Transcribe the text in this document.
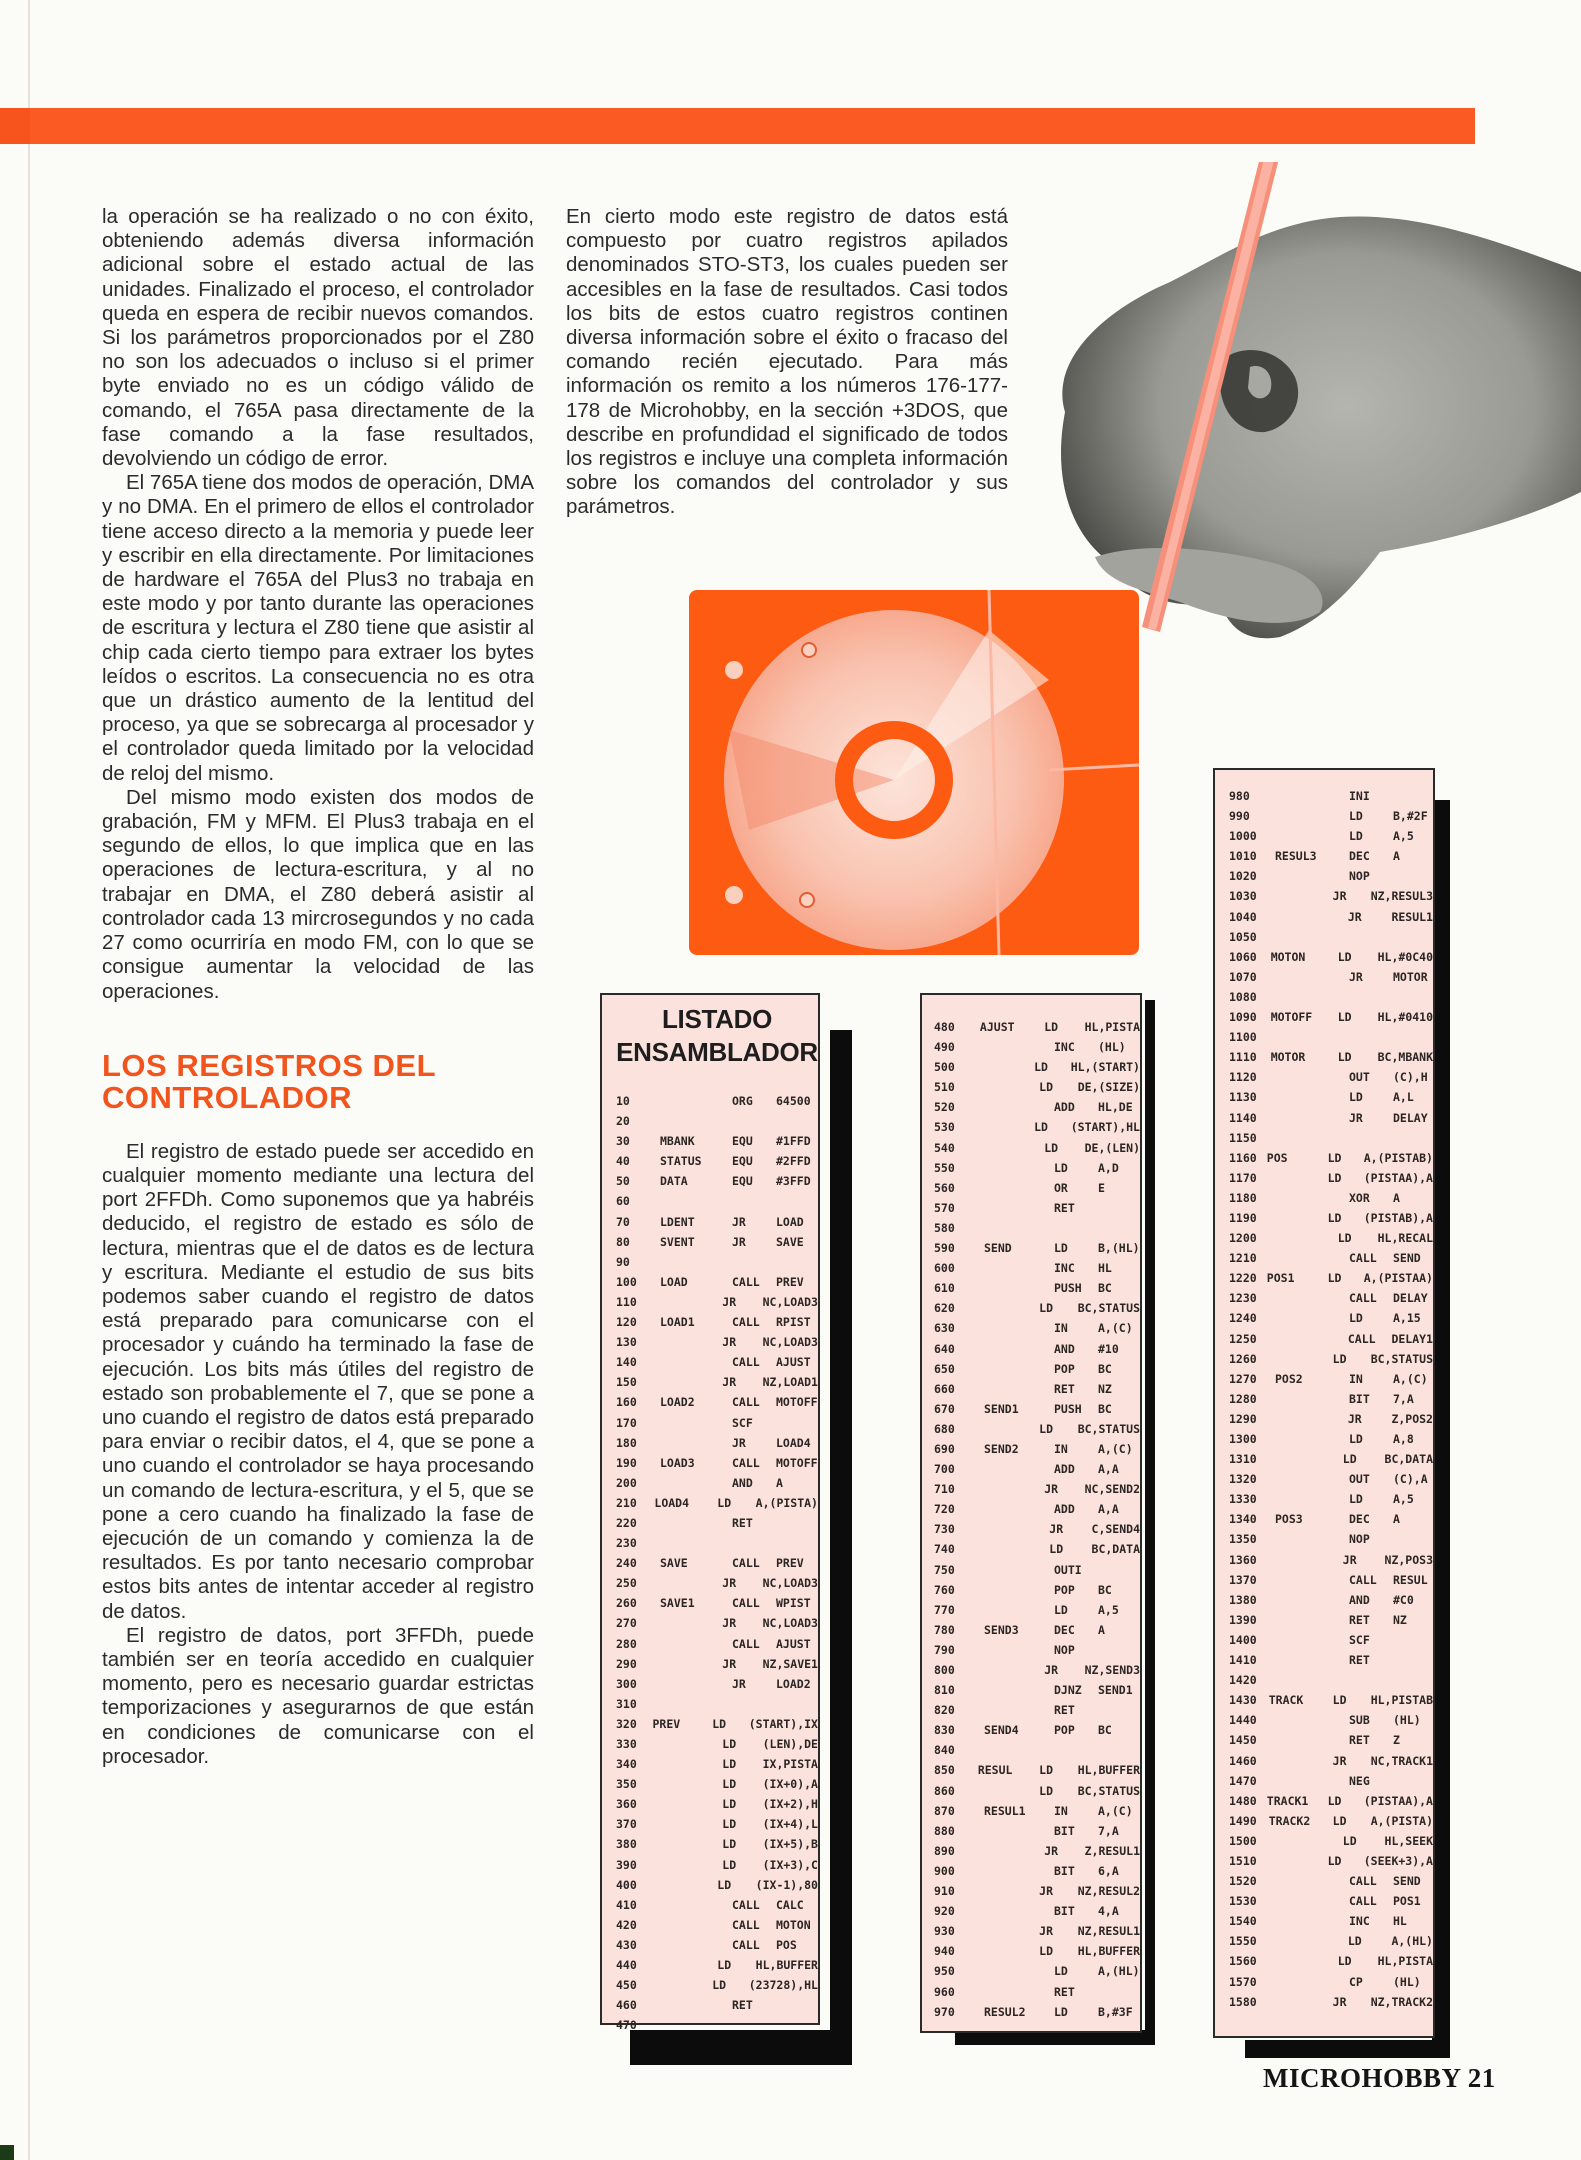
la operación se ha realizado o no con éxito, obteniendo además diversa información adicional sobre el estado actual de las unidades. Finalizado el proceso, el controlador queda en espera de recibir nuevos comandos. Si los parámetros proporcionados por el Z80 no son los adecuados o incluso si el primer byte enviado no es un código válido de comando, el 765A pasa directamente de la fase comando a la fase resultados, devolviendo un código de error.

El 765A tiene dos modos de operación, DMA y no DMA. En el primero de ellos el controlador tiene acceso directo a la memoria y puede leer y escribir en ella directamente. Por limitaciones de hardware el 765A del Plus3 no trabaja en este modo y por tanto durante las operaciones de escritura y lectura el Z80 tiene que asistir al chip cada cierto tiempo para extraer los bytes leídos o escritos. La consecuencia no es otra que un drástico aumento de la lentitud del proceso, ya que se sobrecarga al procesador y el controlador queda limitado por la velocidad de reloj del mismo.

Del mismo modo existen dos modos de grabación, FM y MFM. El Plus3 trabaja en el segundo de ellos, lo que implica que en las operaciones de lectura-escritura, y al no trabajar en DMA, el Z80 deberá asistir al controlador cada 13 mircrosegundos y no cada 27 como ocurriría en modo FM, con lo que se consigue aumentar la velocidad de las operaciones.

LOS REGISTROS DEL CONTROLADOR

El registro de estado puede ser accedido en cualquier momento mediante una lectura del port 2FFDh. Como suponemos que ya habréis deducido, el registro de estado es sólo de lectura, mientras que el de datos es de lectura y escritura. Mediante el estudio de sus bits podemos saber cuando el registro de datos está preparado para comunicarse con el procesador y cuándo ha terminado la fase de ejecución. Los bits más útiles del registro de estado son probablemente el 7, que se pone a uno cuando el registro de datos está preparado para enviar o recibir datos, el 4, que se pone a uno cuando el controlador se haya procesando un comando de lectura-escritura, y el 5, que se pone a cero cuando ha finalizado la fase de ejecución de un comando y comienza la de resultados. Es por tanto necesario comprobar estos bits antes de intentar acceder al registro de datos.

El registro de datos, port 3FFDh, puede también ser en teoría accedido en cualquier momento, pero es necesario guardar estrictas temporizaciones y asegurarnos de que están en condiciones de comunicarse con el procesador.

En cierto modo este registro de datos está compuesto por cuatro registros apilados denominados STO-ST3, los cuales pueden ser accesibles en la fase de resultados. Casi todos los bits de estos cuatro registros continen diversa información sobre el éxito o fracaso del comando recién ejecutado. Para más información os remito a los números 176-177-178 de Microhobby, en la sección +3DOS, que describe en profundidad el significado de todos los registros e incluye una completa información sobre los comandos del controlador y sus parámetros.

LISTADO
ENSAMBLADOR
10	ORG	64500
20
30	MBANK	EQU	#1FFD
40	STATUS	EQU	#2FFD
50	DATA	EQU	#3FFD
60
70	LDENT	JR	LOAD
80	SVENT	JR	SAVE
90
100	LOAD	CALL	PREV
110	JR	NC,LOAD3
120	LOAD1	CALL	RPIST
130	JR	NC,LOAD3
140	CALL	AJUST
150	JR	NZ,LOAD1
160	LOAD2	CALL	MOTOFF
170	SCF
180	JR	LOAD4
190	LOAD3	CALL	MOTOFF
200	AND	A
210	LOAD4	LD	A,(PISTA)
220	RET
230
240	SAVE	CALL	PREV
250	JR	NC,LOAD3
260	SAVE1	CALL	WPIST
270	JR	NC,LOAD3
280	CALL	AJUST
290	JR	NZ,SAVE1
300	JR	LOAD2
310
320	PREV	LD	(START),IX
330	LD	(LEN),DE
340	LD	IX,PISTA
350	LD	(IX+0),A
360	LD	(IX+2),H
370	LD	(IX+4),L
380	LD	(IX+5),B
390	LD	(IX+3),C
400	LD	(IX-1),80
410	CALL	CALC
420	CALL	MOTON
430	CALL	POS
440	LD	HL,BUFFER
450	LD	(23728),HL
460	RET
470
480	AJUST	LD	HL,PISTA
490	INC	(HL)
500	LD	HL,(START)
510	LD	DE,(SIZE)
520	ADD	HL,DE
530	LD	(START),HL
540	LD	DE,(LEN)
550	LD	A,D
560	OR	E
570	RET
580
590	SEND	LD	B,(HL)
600	INC	HL
610	PUSH	BC
620	LD	BC,STATUS
630	IN	A,(C)
640	AND	#10
650	POP	BC
660	RET	NZ
670	SEND1	PUSH	BC
680	LD	BC,STATUS
690	SEND2	IN	A,(C)
700	ADD	A,A
710	JR	NC,SEND2
720	ADD	A,A
730	JR	C,SEND4
740	LD	BC,DATA
750	OUTI
760	POP	BC
770	LD	A,5
780	SEND3	DEC	A
790	NOP
800	JR	NZ,SEND3
810	DJNZ	SEND1
820	RET
830	SEND4	POP	BC
840
850	RESUL	LD	HL,BUFFER
860	LD	BC,STATUS
870	RESUL1	IN	A,(C)
880	BIT	7,A
890	JR	Z,RESUL1
900	BIT	6,A
910	JR	NZ,RESUL2
920	BIT	4,A
930	JR	NZ,RESUL1
940	LD	HL,BUFFER
950	LD	A,(HL)
960	RET
970	RESUL2	LD	B,#3F
980	INI
990	LD	B,#2F
1000	LD	A,5
1010	RESUL3	DEC	A
1020	NOP
1030	JR	NZ,RESUL3
1040	JR	RESUL1
1050
1060	MOTON	LD	HL,#0C40
1070	JR	MOTOR
1080
1090	MOTOFF	LD	HL,#0410
1100
1110	MOTOR	LD	BC,MBANK
1120	OUT	(C),H
1130	LD	A,L
1140	JR	DELAY
1150
1160 POS	LD	A,(PISTAB)
1170	LD	(PISTAA),A
1180	XOR	A
1190	LD	(PISTAB),A
1200	LD	HL,RECAL
1210	CALL	SEND
1220 POS1	LD	A,(PISTAA)
1230	CALL	DELAY
1240	LD	A,15
1250	CALL	DELAY1
1260	LD	BC,STATUS
1270	POS2	IN	A,(C)
1280	BIT	7,A
1290	JR	Z,POS2
1300	LD	A,8
1310	LD	BC,DATA
1320	OUT	(C),A
1330	LD	A,5
1340	POS3	DEC	A
1350	NOP
1360	JR	NZ,POS3
1370	CALL	RESUL
1380	AND	#C0
1390	RET	NZ
1400	SCF
1410	RET
1420
1430	TRACK	LD	HL,PISTAB
1440	SUB	(HL)
1450	RET	Z
1460	JR	NC,TRACK1
1470	NEG
1480 TRACK1	LD	(PISTAA),A
1490	TRACK2	LD	A,(PISTA)
1500	LD	HL,SEEK
1510	LD	(SEEK+3),A
1520	CALL	SEND
1530	CALL	POS1
1540	INC	HL
1550	LD	A,(HL)
1560	LD	HL,PISTA
1570	CP	(HL)
1580	JR	NZ,TRACK2
MICROHOBBY 21
